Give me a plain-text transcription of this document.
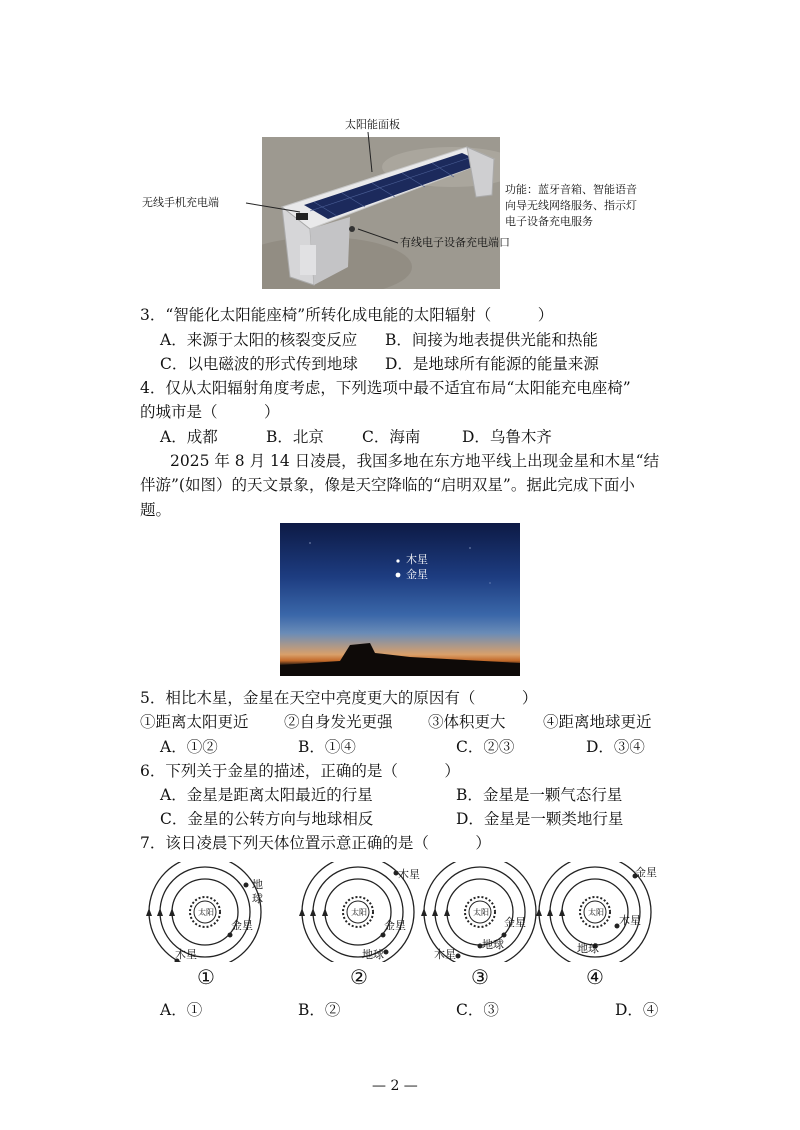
太阳能面板
无线手机充电端
功能：蓝牙音箱、智能语音
向导无线网络服务、指示灯
电子设备充电服务
有线电子设备充电端口
3．“智能化太阳能座椅”所转化成电能的太阳辐射（　　　）
A．来源于太阳的核裂变反应 B．间接为地表提供光能和热能
C．以电磁波的形式传到地球 D．是地球所有能源的能量来源
4．仅从太阳辐射角度考虑，下列选项中最不适宜布局“太阳能充电座椅”
的城市是（　　　）
A．成都	B．北京 C．海南	D．乌鲁木齐
2025 年 8 月 14 日凌晨，我国多地在东方地平线上出现金星和木星“结
伴游”(如图）的天文景象，像是天空降临的“启明双星”。据此完成下面小
题。
木星
金星
5．相比木星，金星在天空中亮度更大的原因有（　　　）
①距离太阳更近 ②自身发光更强 ③体积更大 ④距离地球更近
A．①②	B．①④	C．②③	D．③④
6．下列关于金星的描述，正确的是（　　　）
A．金星是距离太阳最近的行星	B．金星是一颗气态行星
C．金星的公转方向与地球相反	D．金星是一颗类地行星
7．该日凌晨下列天体位置示意正确的是（　　　）
太阳
地球
金星
木星
太阳
木星
金星
地球
太阳
金星
地球
木星
太阳
金星
木星
地球
①	②	③	④
A．①	B．②	C．③	D．④
— 2 —
